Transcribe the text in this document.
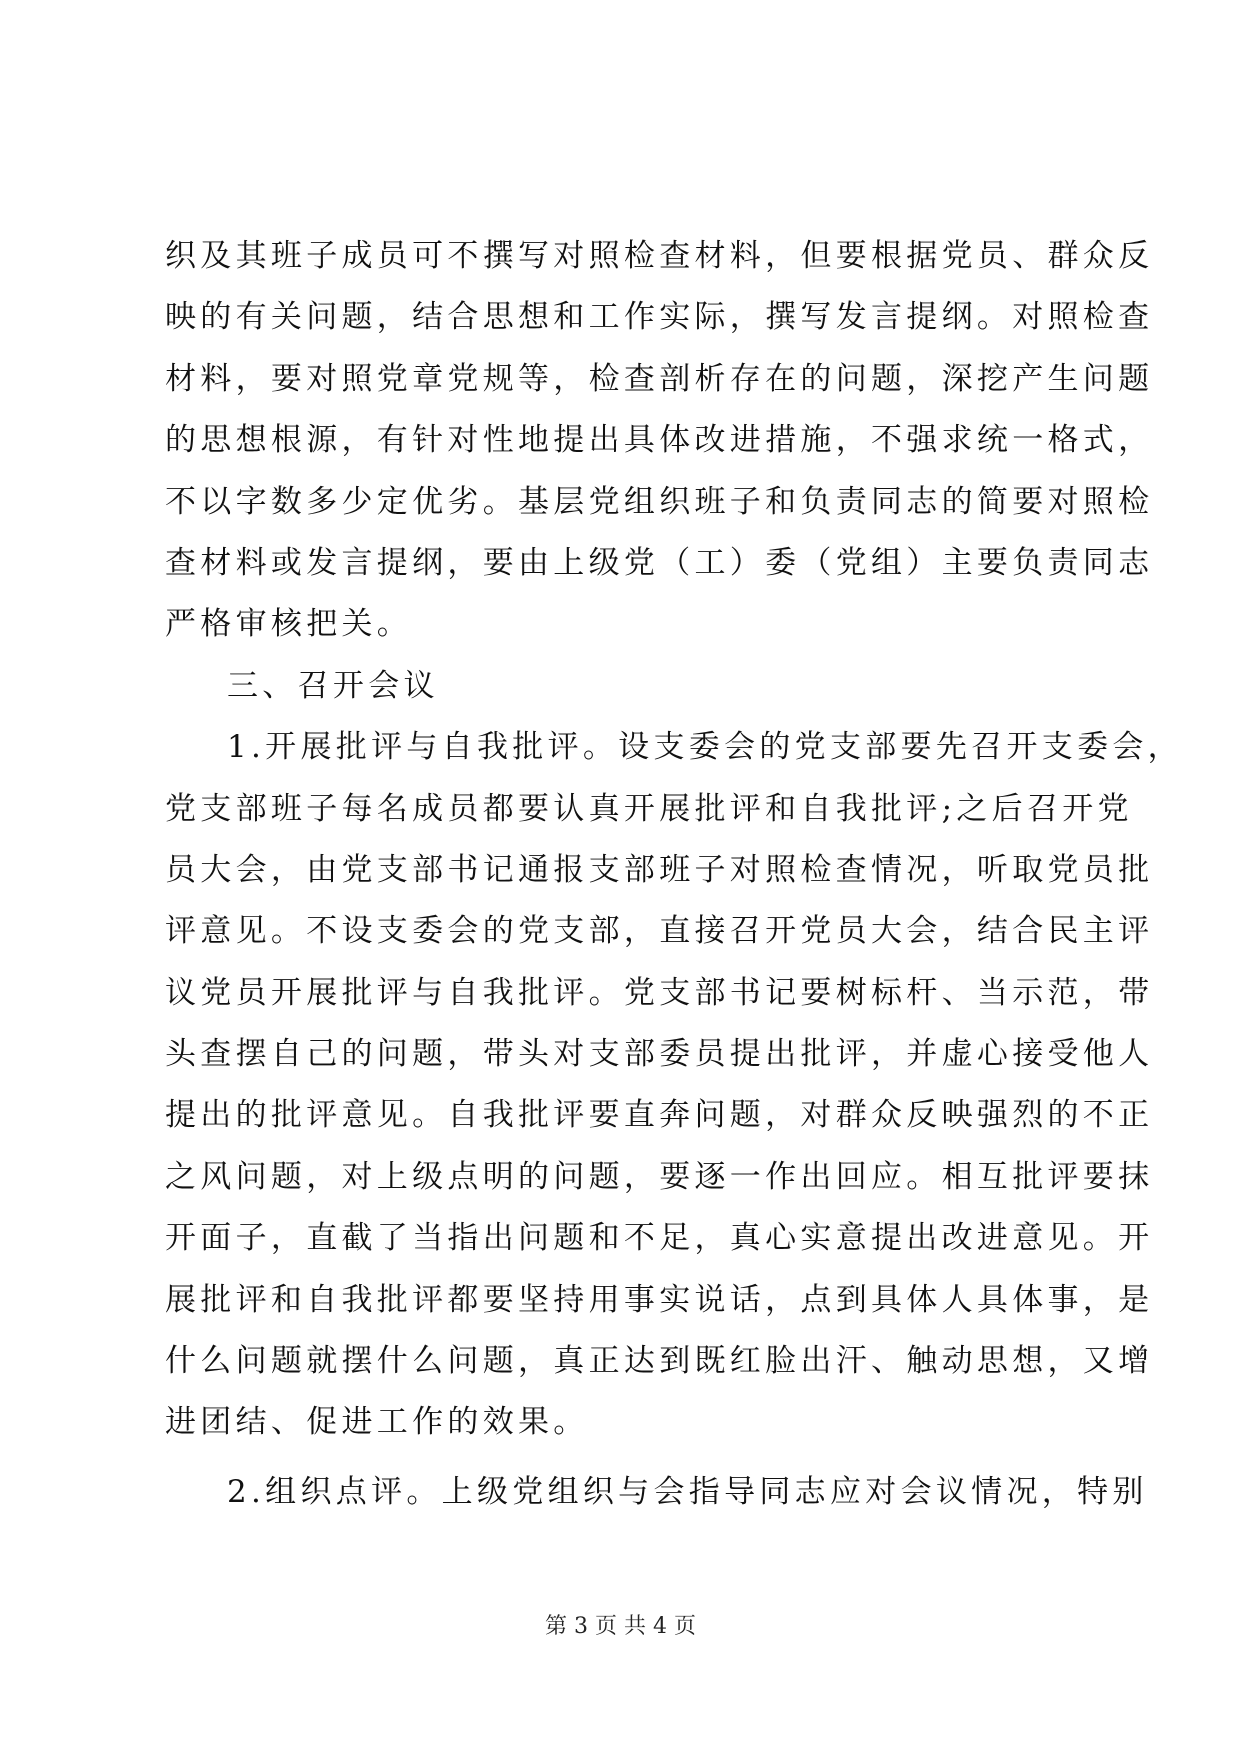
织及其班子成员可不撰写对照检查材料，但要根据党员、群众反
映的有关问题，结合思想和工作实际，撰写发言提纲。对照检查
材料，要对照党章党规等，检查剖析存在的问题，深挖产生问题
的思想根源，有针对性地提出具体改进措施，不强求统一格式，
不以字数多少定优劣。基层党组织班子和负责同志的简要对照检
查材料或发言提纲，要由上级党（工）委（党组）主要负责同志
严格审核把关。
三、召开会议
1.开展批评与自我批评。设支委会的党支部要先召开支委会，
党支部班子每名成员都要认真开展批评和自我批评;之后召开党
员大会，由党支部书记通报支部班子对照检查情况，听取党员批
评意见。不设支委会的党支部，直接召开党员大会，结合民主评
议党员开展批评与自我批评。党支部书记要树标杆、当示范，带
头查摆自己的问题，带头对支部委员提出批评，并虚心接受他人
提出的批评意见。自我批评要直奔问题，对群众反映强烈的不正
之风问题，对上级点明的问题，要逐一作出回应。相互批评要抹
开面子，直截了当指出问题和不足，真心实意提出改进意见。开
展批评和自我批评都要坚持用事实说话，点到具体人具体事，是
什么问题就摆什么问题，真正达到既红脸出汗、触动思想，又增
进团结、促进工作的效果。
2.组织点评。上级党组织与会指导同志应对会议情况，特别
第 3 页 共 4 页
